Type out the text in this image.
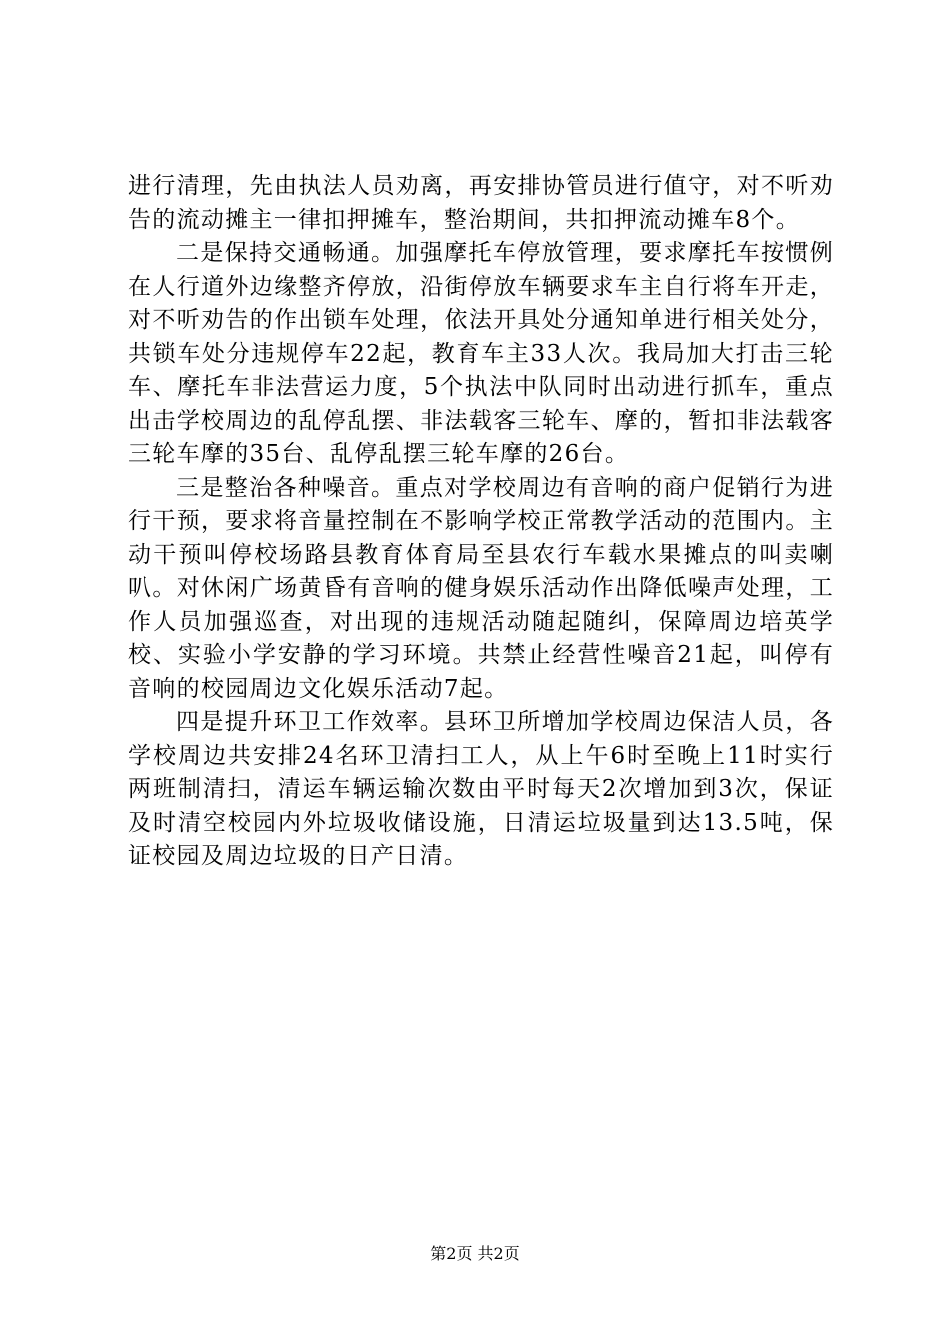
进行清理，先由执法人员劝离，再安排协管员进行值守，对不听劝告的流动摊主一律扣押摊车，整治期间，共扣押流动摊车8个。

二是保持交通畅通。加强摩托车停放管理，要求摩托车按惯例在人行道外边缘整齐停放，沿街停放车辆要求车主自行将车开走，对不听劝告的作出锁车处理，依法开具处分通知单进行相关处分，共锁车处分违规停车22起，教育车主33人次。我局加大打击三轮车、摩托车非法营运力度，5个执法中队同时出动进行抓车，重点出击学校周边的乱停乱摆、非法载客三轮车、摩的，暂扣非法载客三轮车摩的35台、乱停乱摆三轮车摩的26台。

三是整治各种噪音。重点对学校周边有音响的商户促销行为进行干预，要求将音量控制在不影响学校正常教学活动的范围内。主动干预叫停校场路县教育体育局至县农行车载水果摊点的叫卖喇叭。对休闲广场黄昏有音响的健身娱乐活动作出降低噪声处理，工作人员加强巡查，对出现的违规活动随起随纠，保障周边培英学校、实验小学安静的学习环境。共禁止经营性噪音21起，叫停有音响的校园周边文化娱乐活动7起。

四是提升环卫工作效率。县环卫所增加学校周边保洁人员，各学校周边共安排24名环卫清扫工人，从上午6时至晚上11时实行两班制清扫，清运车辆运输次数由平时每天2次增加到3次，保证及时清空校园内外垃圾收储设施，日清运垃圾量到达13.5吨，保证校园及周边垃圾的日产日清。

第2页 共2页
